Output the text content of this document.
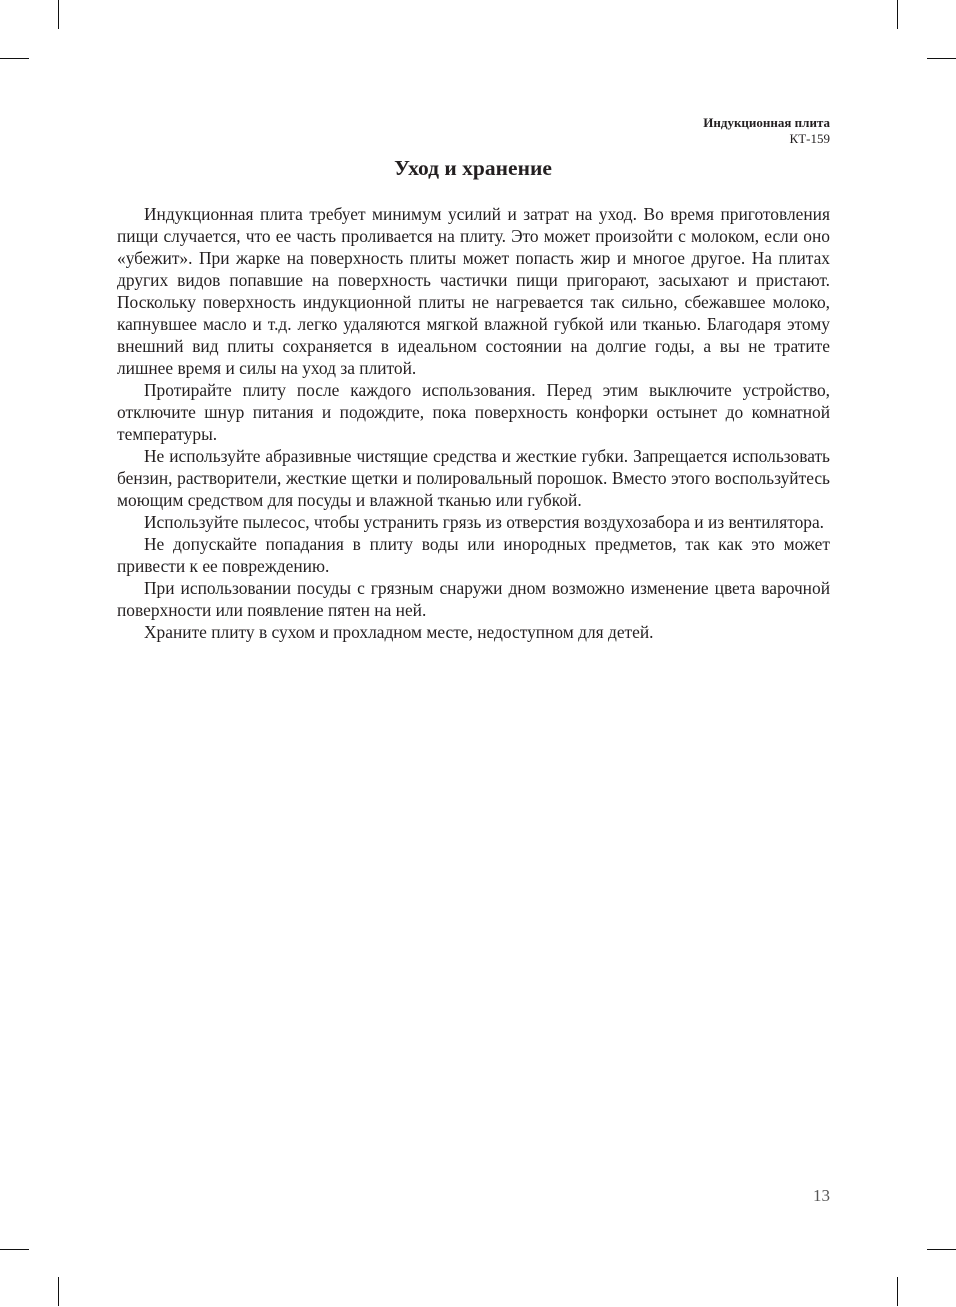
Индукционная плита
КТ-159
Уход и хранение

Индукционная плита требует минимум усилий и затрат на уход. Во время приготовления пищи случается, что ее часть проливается на плиту. Это может произойти с молоком, если оно «убежит». При жарке на поверхность плиты может попасть жир и многое другое. На плитах других видов попавшие на поверхность частички пищи пригорают, засыхают и пристают. Поскольку поверхность индукционной плиты не нагревается так сильно, сбежавшее молоко, капнувшее масло и т.д. легко удаляются мягкой влажной губкой или тканью. Благодаря этому внешний вид плиты сохраняется в идеальном состоянии на долгие годы, а вы не тратите лишнее время и силы на уход за плитой.

Протирайте плиту после каждого использования. Перед этим выключите устройство, отключите шнур питания и подождите, пока поверхность конфорки остынет до комнатной температуры.

Не используйте абразивные чистящие средства и жесткие губки. Запрещается использовать бензин, растворители, жесткие щетки и полировальный порошок. Вместо этого воспользуйтесь моющим средством для посуды и влажной тканью или губкой.

Используйте пылесос, чтобы устранить грязь из отверстия воздухозабора и из вентилятора.

Не допускайте попадания в плиту воды или инородных предметов, так как это может привести к ее повреждению.

При использовании посуды с грязным снаружи дном возможно изменение цвета варочной поверхности или появление пятен на ней.

Храните плиту в сухом и прохладном месте, недоступном для детей.

13
